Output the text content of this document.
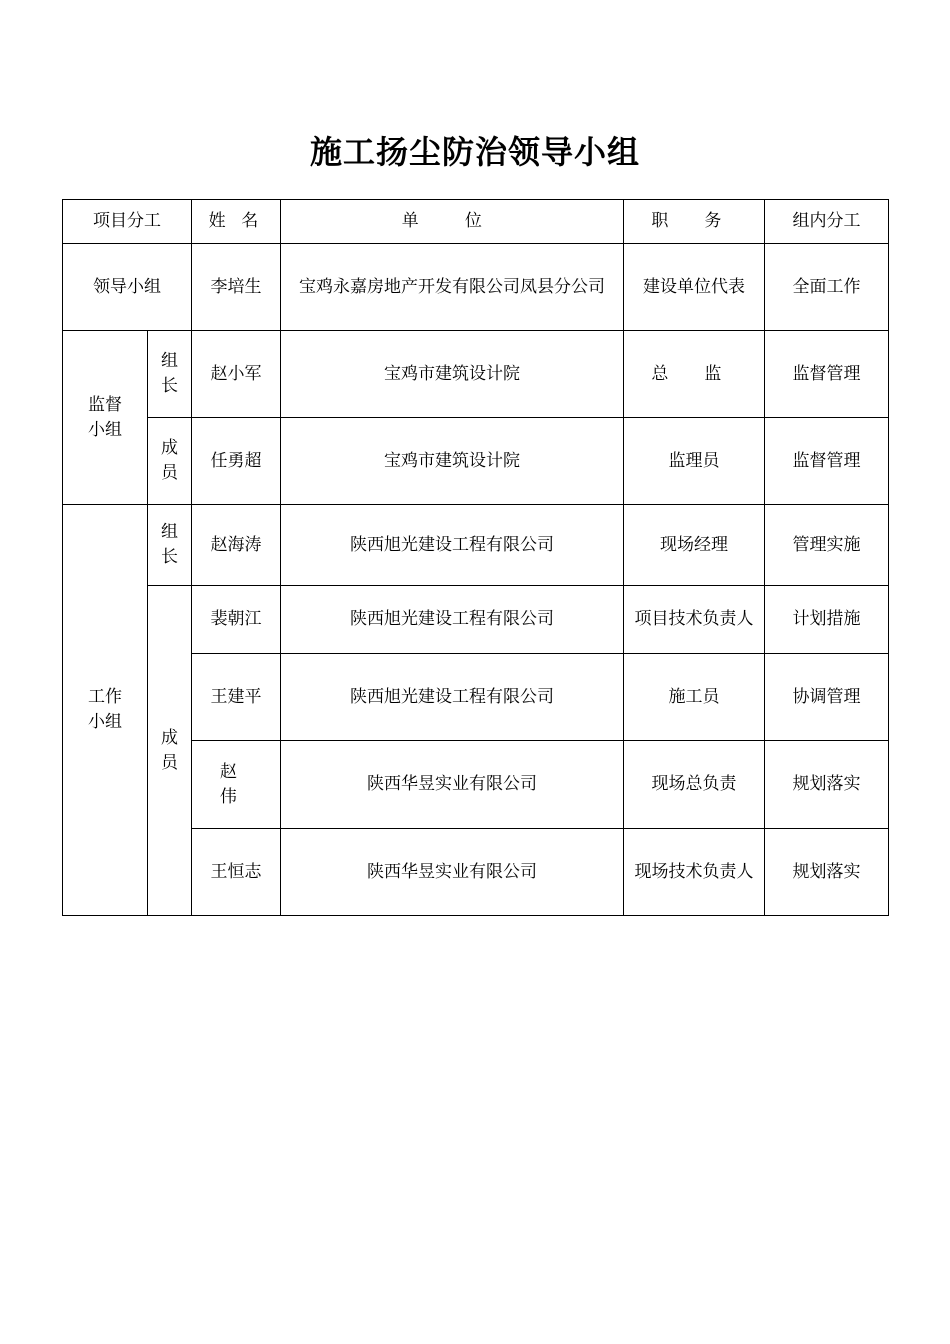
施工扬尘防治领导小组
项目分工		姓 名	单 位	职 务	组内分工
领导小组		李培生	宝鸡永嘉房地产开发有限公司凤县分公司	建设单位代表	全面工作
监督小组	组长	赵小军	宝鸡市建筑设计院	总 监	监督管理
	成员	任勇超	宝鸡市建筑设计院	监理员	监督管理
工作小组	组长	赵海涛	陕西旭光建设工程有限公司	现场经理	管理实施
	成员	裴朝江	陕西旭光建设工程有限公司	项目技术负责人	计划措施
		王建平	陕西旭光建设工程有限公司	施工员	协调管理
		赵 伟	陕西华昱实业有限公司	现场总负责	规划落实
		王恒志	陕西华昱实业有限公司	现场技术负责人	规划落实
